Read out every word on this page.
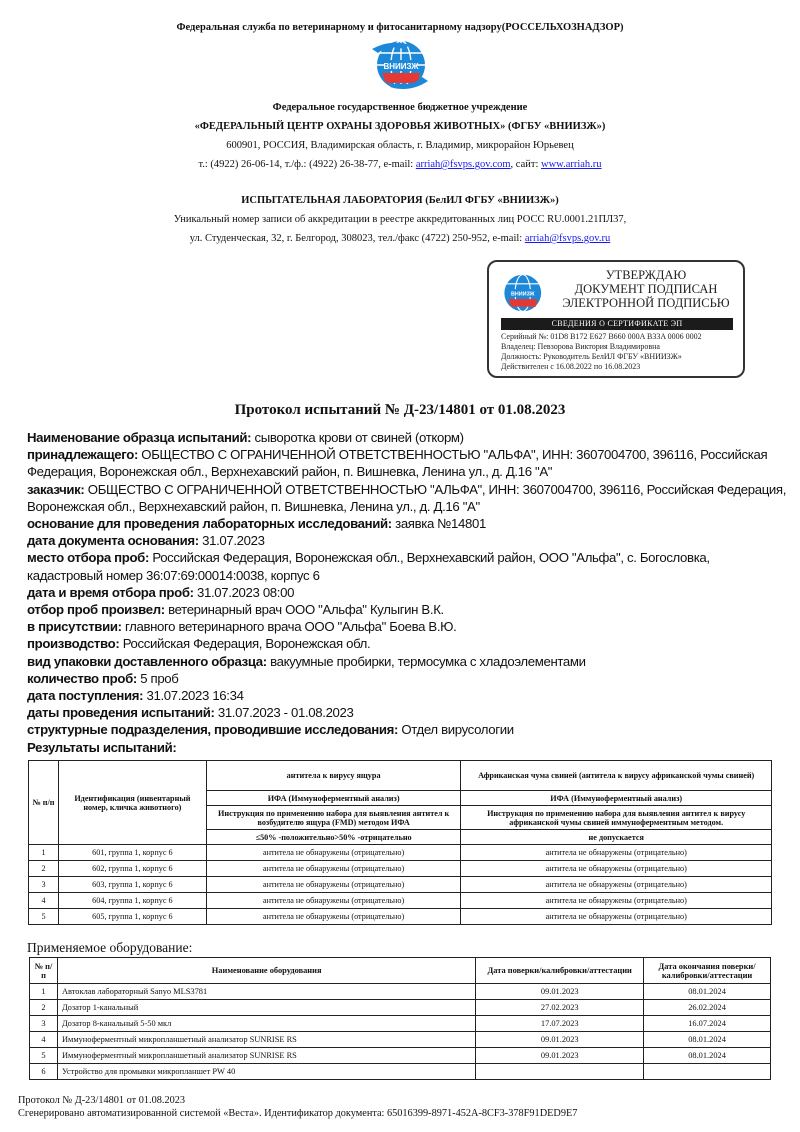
Федеральная служба по ветеринарному и фитосанитарному надзору(РОССЕЛЬХОЗНАДЗОР)
ВНИИЗЖ
Федеральное государственное бюджетное учреждение
«ФЕДЕРАЛЬНЫЙ ЦЕНТР ОХРАНЫ ЗДОРОВЬЯ ЖИВОТНЫХ» (ФГБУ «ВНИИЗЖ»)
600901, РОССИЯ, Владимирская область, г. Владимир, микрорайон Юрьевец
т.: (4922) 26-06-14, т./ф.: (4922) 26-38-77, e-mail: arriah@fsvps.gov.com, сайт: www.arriah.ru
ИСПЫТАТЕЛЬНАЯ ЛАБОРАТОРИЯ (БелИЛ ФГБУ «ВНИИЗЖ»)
Уникальный номер записи об аккредитации в реестре аккредитованных лиц РОСС RU.0001.21ПЛ37,
ул. Студенческая, 32, г. Белгород, 308023, тел./факс (4722) 250-952, e-mail: arriah@fsvps.gov.ru
ВНИИЗЖ
УТВЕРЖДАЮ
ДОКУМЕНТ ПОДПИСАН
ЭЛЕКТРОННОЙ ПОДПИСЬЮ
СВЕДЕНИЯ О СЕРТИФИКАТЕ ЭП
Серийный №: 01D8 B172 E627 B660 000A B33A 0006 0002
Владелец: Певзорова Виктория Владимировна
Должность: Руководитель БелИЛ ФГБУ «ВНИИЗЖ»
Действителен с 16.08.2022 по 16.08.2023
Протокол испытаний № Д-23/14801 от 01.08.2023
Наименование образца испытаний: сыворотка крови от свиней (откорм)
принадлежащего: ОБЩЕСТВО С ОГРАНИЧЕННОЙ ОТВЕТСТВЕННОСТЬЮ "АЛЬФА", ИНН: 3607004700, 396116, Российская Федерация, Воронежская обл., Верхнехавский район, п. Вишневка, Ленина ул., д. Д.16 "А"
заказчик: ОБЩЕСТВО С ОГРАНИЧЕННОЙ ОТВЕТСТВЕННОСТЬЮ "АЛЬФА", ИНН: 3607004700, 396116, Российская Федерация, Воронежская обл., Верхнехавский район, п. Вишневка, Ленина ул., д. Д.16 "А"
основание для проведения лабораторных исследований: заявка №14801
дата документа основания: 31.07.2023
место отбора проб: Российская Федерация, Воронежская обл., Верхнехавский район, ООО "Альфа", с. Богословка, кадастровый номер 36:07:69:00014:0038, корпус 6
дата и время отбора проб: 31.07.2023 08:00
отбор проб произвел: ветеринарный врач ООО "Альфа" Кулыгин В.К.
в присутствии: главного ветеринарного врача ООО "Альфа" Боева В.Ю.
производство: Российская Федерация, Воронежская обл.
вид упаковки доставленного образца: вакуумные пробирки, термосумка с хладоэлементами
количество проб: 5 проб
дата поступления: 31.07.2023 16:34
даты проведения испытаний: 31.07.2023 - 01.08.2023
структурные подразделения, проводившие исследования: Отдел вирусологии
Результаты испытаний:
№ п/п	Идентификация (инвентарный номер, кличка животного)	антитела к вирусу ящура	Африканская чума свиней (антитела к вирусу африканской чумы свиней)
		ИФА (Иммуноферментный анализ)	ИФА (Иммуноферментный анализ)
		Инструкция по применению набора для выявления антител к возбудителю ящура (FMD) методом ИФА	Инструкция по применению набора для выявления антител к вирусу африканской чумы свиней иммуноферментным методом.
		≤50% -положительно>50% -отрицательно	не допускается
1	601, группа 1, корпус 6	антитела не обнаружены (отрицательно)	антитела не обнаружены (отрицательно)
2	602, группа 1, корпус 6	антитела не обнаружены (отрицательно)	антитела не обнаружены (отрицательно)
3	603, группа 1, корпус 6	антитела не обнаружены (отрицательно)	антитела не обнаружены (отрицательно)
4	604, группа 1, корпус 6	антитела не обнаружены (отрицательно)	антитела не обнаружены (отрицательно)
5	605, группа 1, корпус 6	антитела не обнаружены (отрицательно)	антитела не обнаружены (отрицательно)
Применяемое оборудование:
№ п/п	Наименование оборудования	Дата поверки/калибровки/аттестации	Дата окончания поверки/калибровки/аттестации
1	Автоклав лабораторный Sanyo MLS3781	09.01.2023	08.01.2024
2	Дозатор 1-канальный	27.02.2023	26.02.2024
3	Дозатор 8-канальный 5-50 мкл	17.07.2023	16.07.2024
4	Иммуноферментный микропланшетный анализатор SUNRISE RS	09.01.2023	08.01.2024
5	Иммуноферментный микропланшетный анализатор SUNRISE RS	09.01.2023	08.01.2024
6	Устройство для промывки микропланшет PW 40		
Протокол № Д-23/14801 от 01.08.2023
Сгенерировано автоматизированной системой «Веста». Идентификатор документа: 65016399-8971-452A-8CF3-378F91DED9E7
